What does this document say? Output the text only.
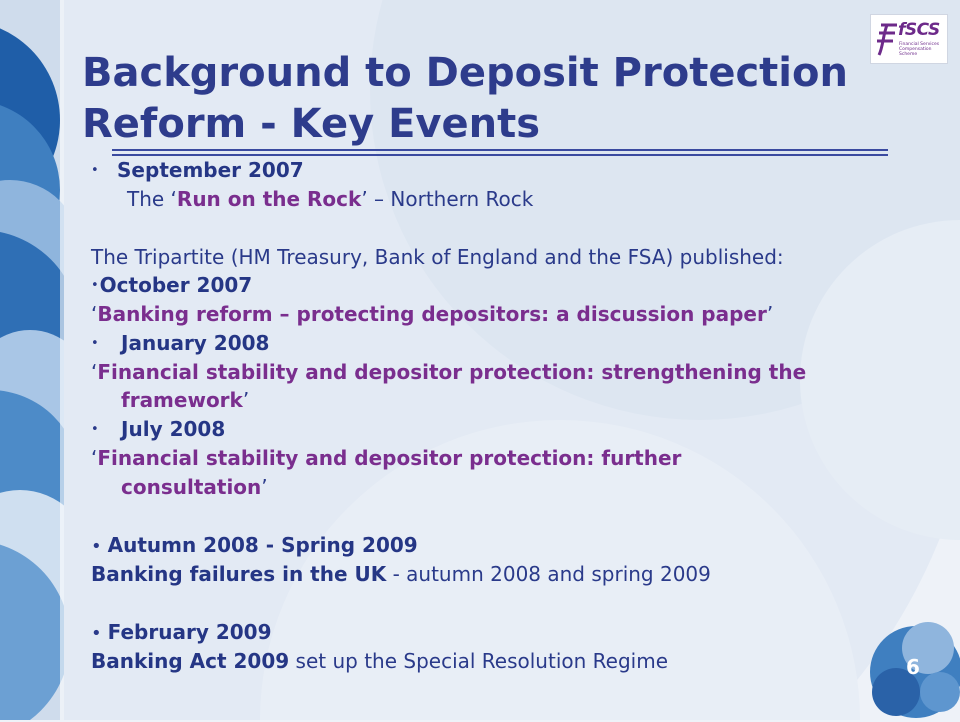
fSCS
Financial Services Compensation Scheme
Background to Deposit Protection Reform - Key Events
• September 2007
The ‘Run on the Rock’ – Northern Rock
The Tripartite (HM Treasury, Bank of England and the FSA) published:
•October 2007
‘Banking reform – protecting depositors: a discussion paper’
• January 2008
‘Financial stability and depositor protection: strengthening the
framework’
• July 2008
‘Financial stability and depositor protection: further
consultation’
• Autumn 2008 - Spring 2009
Banking failures in the UK - autumn 2008 and spring 2009
• February 2009
Banking Act 2009 set up the Special Resolution Regime	6
